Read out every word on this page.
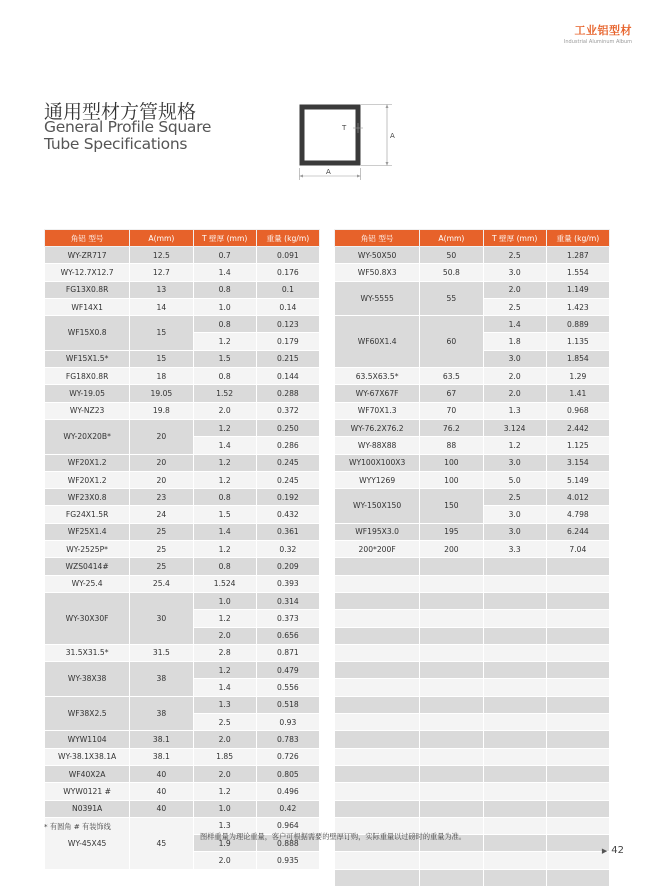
工业铝型材
Industrial Aluminum Album
通用型材方管规格
General Profile Square
Tube Specifications
T
A
A
角铝 型号	A(mm)	T 壁厚 (mm)	重量 (kg/m)
WY-ZR717	12.5	0.7	0.091
WY-12.7X12.7	12.7	1.4	0.176
FG13X0.8R	13	0.8	0.1
WF14X1	14	1.0	0.14
WF15X0.8	15	0.8	0.123
		1.2	0.179
WF15X1.5*	15	1.5	0.215
FG18X0.8R	18	0.8	0.144
WY-19.05	19.05	1.52	0.288
WY-NZ23	19.8	2.0	0.372
WY-20X20B*	20	1.2	0.250
		1.4	0.286
WF20X1.2	20	1.2	0.245
WF20X1.2	20	1.2	0.245
WF23X0.8	23	0.8	0.192
FG24X1.5R	24	1.5	0.432
WF25X1.4	25	1.4	0.361
WY-2525P*	25	1.2	0.32
WZS0414#	25	0.8	0.209
WY-25.4	25.4	1.524	0.393
WY-30X30F	30	1.0	0.314
		1.2	0.373
		2.0	0.656
31.5X31.5*	31.5	2.8	0.871
WY-38X38	38	1.2	0.479
		1.4	0.556
WF38X2.5	38	1.3	0.518
		2.5	0.93
WYW1104	38.1	2.0	0.783
WY-38.1X38.1A	38.1	1.85	0.726
WF40X2A	40	2.0	0.805
WYW0121 #	40	1.2	0.496
N0391A	40	1.0	0.42
WY-45X45	45	1.3	0.964
		1.9	0.888
		2.0	0.935
角铝 型号	A(mm)	T 壁厚 (mm)	重量 (kg/m)
WY-50X50	50	2.5	1.287
WF50.8X3	50.8	3.0	1.554
WY-5555	55	2.0	1.149
		2.5	1.423
WF60X1.4	60	1.4	0.889
		1.8	1.135
		3.0	1.854
63.5X63.5*	63.5	2.0	1.29
WY-67X67F	67	2.0	1.41
WF70X1.3	70	1.3	0.968
WY-76.2X76.2	76.2	3.124	2.442
WY-88X88	88	1.2	1.125
WY100X100X3	100	3.0	3.154
WYY1269	100	5.0	5.149
WY-150X150	150	2.5	4.012
		3.0	4.798
WF195X3.0	195	3.0	6.244
200*200F	200	3.3	7.04

* 有圆角 # 有装饰线
图样重量为理论重量，客户可根据需要的壁厚订购，实际重量以过磅时的重量为准。
▶ 42
